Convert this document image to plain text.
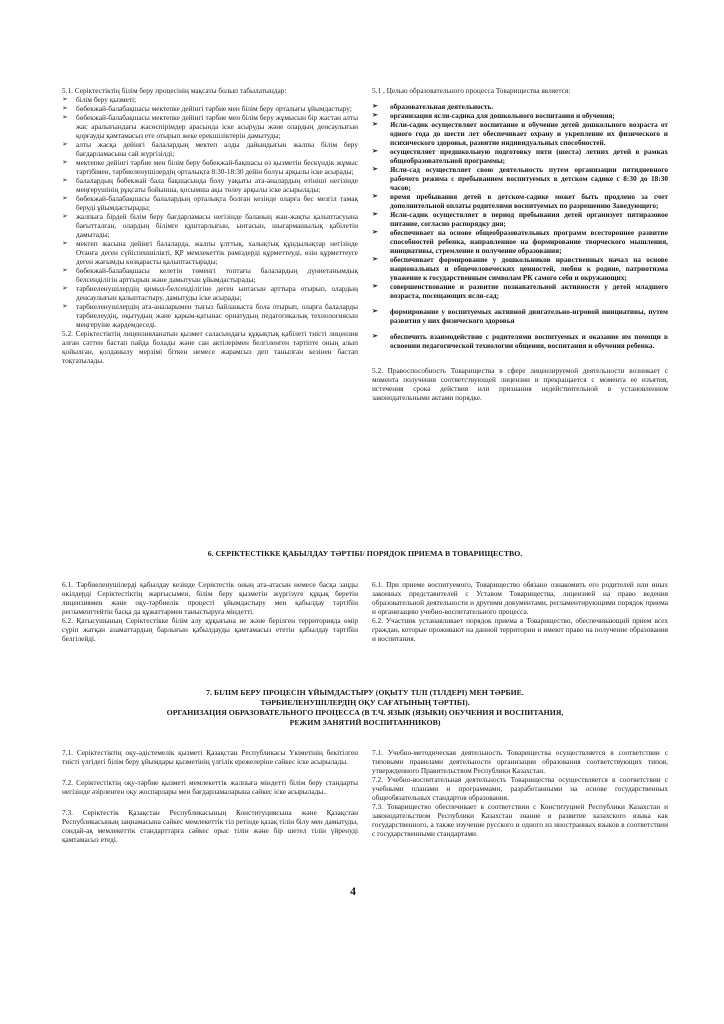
5.1. Серіктестіктің білім беру процесінің мақсаты болып табылатындар:

➢ білім беру қызметі;
➢ бөбекжай-балабақшасы мектепке дейінгі тәрбие мен білім беру орталығы ұйымдастыру;
➢ бөбекжай-балабақшасы мектепке дейінгі тәрбие мен білім беру жұмысын бір жастан алты жас аралығындағы жасөспірімдер арасында іске асыруды және олардың денсаулығын қорғауды қамтамасыз ете отырып жеке ерекшіліктерін дамытуды;
➢ алты жасқа дейінгі балалардың мектеп алды дайындығын жалпы білім беру бағдарламасына сай жүргізілді;
➢ мектепке дейінгі тәрбие мен білім беру бөбекжай-бақшасы өз қызметін бескүндік жұмыс тәртібімен, тәрбиеленушілердің орталықта 8:30-18:30 дейін болуы арқылы іске асырады;
➢ балалардың бөбекжай бала бақшасында болу уақыты ата-аналардың өтініші негізінде меңгерушінің рұқсаты бойынша, қосымша ақы төлеу арқылы іске асырылады;
➢ бөбекжай-балабақшасы балалардың орталықта болған кезінде оларға бес мезгіл тамақ беруді ұйымдастырады;
➢ жалпыға бірдей білім беру бағдарламасы негізінде баланың жан-жақты қалыптасуына бағытталған, олардың білімге құштарлығын, ынтасын, шығармашылық қабілетін дамытады;
➢ мектеп жасына дейінгі балаларда, жалпы ұлттық, халықтық құндылықтар негізінде Отанға деген сүйіспеншілікті, ҚР мемлекеттік рәміздерді құрметтеуді, өзін құрметтеуге деген жағымды көзқарасты қалыптастырады;
➢ бөбекжай-балабақшасы келетін төменгі топтағы балалардың дүниетанымдық белсенділігін арттырын және дамытуын ұйымдастырады;
➢ тәрбиеленушілердің қимыл-белсенділігіне деген ынтасын арттыра отырып, олардың денсаулығын қалыптастыру, дамытуды іске асырады;
➢ тәрбиеленушілердің ата-аналарымен тығыз байланыста бола отырып, оларға балаларды тәрбиелеудің, оқытудың және қарым-қатынас орнатудың педагогикалық технологиясын меңгеруіне жәрдемдеседі.

5.2. Серіктестіктің лицензияланатын қызмет саласындағы құқықтық қабілеті тиісті лицензия алған сәттен бастап пайда болады және сан актілерімен белгіленген тәртіпте оның алып қойылған, қолданылу мерзімі біткен немесе жарамсыз деп танылған кезінен бастап тоқтатылады.

5.1 , Целью образовательного процесса Товарищества является:

➢ образовательная деятельность.
➢ организация ясли-садика для дошкольного воспитания и обучения;
➢ Ясли-садик осуществляет воспитание и обучение детей дошкольного возраста от одного года до шести лет обеспечивает охрану и укрепление их физического и психического здоровья, развитие индивидуальных способностей.
➢ осуществляет предшкольную подготовку пяти (шеста) летних детей в рамках общеобразовательной программы;
➢ Ясли-сад осуществляет свою деятельность путем организации пятидневного рабочего режима с пребыванием воспитуемых в детском садике с 8:30 до 18:30 часов;
➢ время пребывания детей в детском-садике может быть продлено за счет дополнительной оплаты родителями воспитуемых по разрешению Заведующего;
➢ Ясли-садик осуществляет в период пребывания детей организует пятиразовое питание, согласно распорядку дня;
➢ обеспечивает на основе общеобразовательных программ всестороннее развитие способностей ребенка, направленное на формирование творческого мышления, инициативы, стремление и получение образования;
➢ обеспечивает формирование у дошкольников нравственных начал на основе национальных и общечеловеческих ценностей, любви к родине, патриотизма уважение к государственным символам РК самого себя и окружающих;
➢ совершенствование и развитие познавательной активности у детей младшего возраста, посещающих ясли-сад;
➢ формирование у воспитуемых активной двигательно-игровой инициативы, путем развития у них физического здоровья
➢ обеспечить взаимодействие с родителями воспитуемых и оказание им помощи в освоении педагогической технологии общения, воспитания и обучения ребенка.

5.2. Правоспособность Товарищества в сфере лицензируемой деятельности возникает с момента получения соответствующей лицензии и прекращается с момента ее изъятия, истечения срока действия или признания недействительной в установленном законодательными актами порядке.

6. СЕРІКТЕСТІККЕ ҚАБЫЛДАУ ТӘРТІБІ/ ПОРЯДОК ПРИЕМА В ТОВАРИЩЕСТВО.

6.1. Тәрбиеленушілерді қабылдау кезінде Серіктестік оның ата-атасын немесе басқа заңды өкілдерді Серіктестіктің жарғысымен, білім беру қызметін жүргізуге құқық беретін лицензиямен және оқу-тәрбиелік процесті ұйымдастыру мен қабылдау тәртібін регламенттейтін басқа да құжаттармен таныстыруға міндетті.

6.2. Қатысушының Серіктестікке білім алу құқығына ие және берілген территорияда өмір сүріп жатқан азаматтардың барлығын қабылдауды қамтамасыз ететін қабылдау тәртібін белгілейді.

6.1. При приеме воспитуемого, Товарищество обязано ознакомить его родителей или иных законных представителей с Уставом Товарищества, лицензией на право ведения образовательной деятельности и другими документами, регламентирующими порядок приема и организацию учебно-воспитательного процесса.

6.2. Участник устанавливает порядок приема в Товарищество, обеспечивающий прием всех граждан, которые проживают на данной территории и имеют право на получение образования и воспитания.

7. БІЛІМ БЕРУ ПРОЦЕСІН ҰЙЫМДАСТЫРУ (ОҚЫТУ ТІЛІ (ТІЛДЕРІ) МЕН ТӘРБИЕ.
ТӘРБИЕЛЕНУШІЛЕРДІҢ ОҚУ САҒАТЫНЫҢ ТӘРТІБІ).
ОРГАНИЗАЦИЯ ОБРАЗОВАТЕЛЬНОГО ПРОЦЕССА (В Т.Ч. ЯЗЫК (ЯЗЫКИ) ОБУЧЕНИЯ И ВОСПИТАНИЯ,
РЕЖИМ ЗАНЯТИЙ ВОСПИТАННИКОВ)

7.1. Серіктестіктің оқу-әдістемелік қызметі Қазақстан Республикасы Үкіметінің бекітілген тиісті үлгідегі білім беру ұйымдары қызметінің үлгілік ережелеріне сәйкес іске асырылады.

7.2. Серіктестіктің оқу-тәрбие қызметі мемлекеттік жалпыға міндетті білім беру стандарты негізінде әзірленген оқу жоспарлары мен бағдарламаларына сәйкес іске асырылады..

7.3. Серіктестік Қазақстан Республикасының Конституциясына және Қазақстан Республикасының заңнамасына сәйкес мемлекеттік тіл ретінде қазақ тілін білу мен дамытуды, сондай-ақ мемлекеттік стандарттарға сәйкес орыс тілін және бір шетел тілін үйренуді қамтамасыз етеді.

7.1. Учебно-методическая деятельность Товарищества осуществляется в соответствии с типовыми правилами деятельности организации образования соответствующих типов, утвержденного Правительством Республики Казахстан.

7.2. Учебно-воспитательная деятельность Товарищества осуществляется в соответствии с учебными планами и программами, разработанными на основе государственных общеобязательных стандартов образования.

7.3. Товарищество обеспечивает в соответствии с Конституцией Республики Казахстан и законодательством Республики Казахстан знание и развитие казахского языка как государственного, а также изучение русского и одного из иностранных языков в соответствии с государственными стандартами.

4
